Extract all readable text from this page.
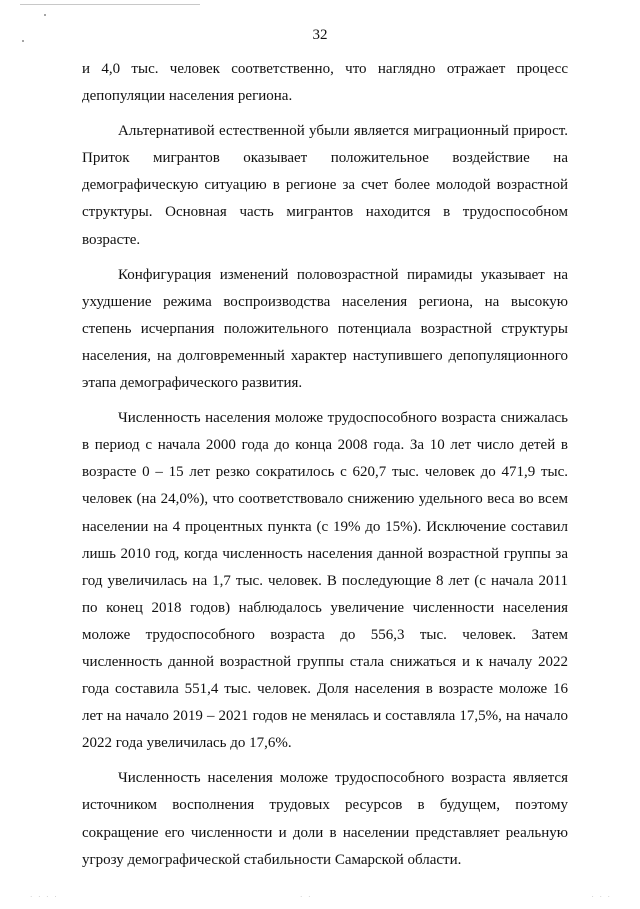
32

и 4,0 тыс. человек соответственно, что наглядно отражает процесс депопуляции населения региона.

Альтернативой естественной убыли является миграционный прирост. Приток мигрантов оказывает положительное воздействие на демографическую ситуацию в регионе за счет более молодой возрастной структуры. Основная часть мигрантов находится в трудоспособном возрасте.

Конфигурация изменений половозрастной пирамиды указывает на ухудшение режима воспроизводства населения региона, на высокую степень исчерпания положительного потенциала возрастной структуры населения, на долговременный характер наступившего депопуляционного этапа демографического развития.

Численность населения моложе трудоспособного возраста снижалась в период с начала 2000 года до конца 2008 года. За 10 лет число детей в возрасте 0 – 15 лет резко сократилось с 620,7 тыс. человек до 471,9 тыс. человек (на 24,0%), что соответствовало снижению удельного веса во всем населении на 4 процентных пункта (с 19% до 15%). Исключение составил лишь 2010 год, когда численность населения данной возрастной группы за год увеличилась на 1,7 тыс. человек. В последующие 8 лет (с начала 2011 по конец 2018 годов) наблюдалось увеличение численности населения моложе трудоспособного возраста до 556,3 тыс. человек. Затем численность данной возрастной группы стала снижаться и к началу 2022 года составила 551,4 тыс. человек. Доля населения в возрасте моложе 16 лет на начало 2019 – 2021 годов не менялась и составляла 17,5%, на начало 2022 года увеличилась до 17,6%.

Численность населения моложе трудоспособного возраста является источником восполнения трудовых ресурсов в будущем, поэтому сокращение его численности и доли в населении представляет реальную угрозу демографической стабильности Самарской области.

· · · ·	· ·	· · ·
